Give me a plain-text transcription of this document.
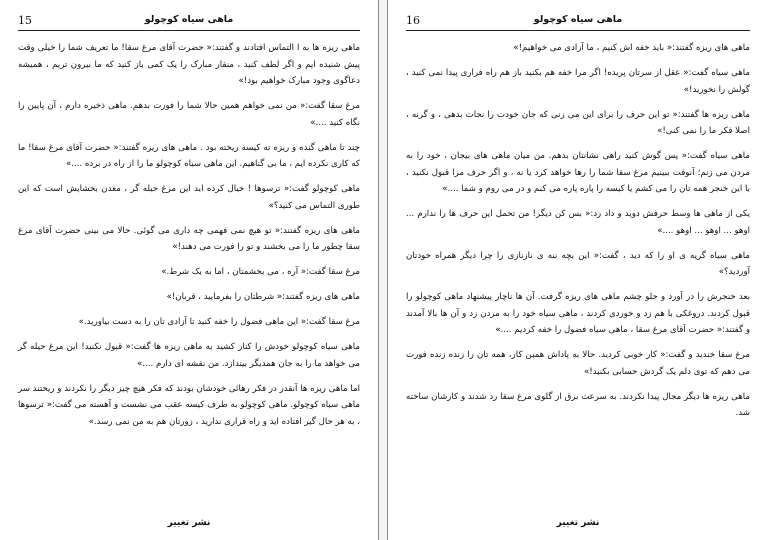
15	ماهی سیاه کوچولو

ماهی ریزه ها به ا التماس افتادند و گفتند:« حضرت آقای مرغ سقا! ما تعریف شما را خیلی وقت پیش شنیده ایم و اگر لطف کنید ، منقار مبارک را یک کمی باز کنید که ما بیرون تریم ، همیشه دعاگوی وجود مبارک خواهیم بود!»

مرغ سقا گفت:« من نمی خواهم همین حالا شما را فورت بدهم. ماهی ذخیره دارم ، آن پایین را نگاه کنید ....»

چند تا ماهی گنده و ریزه ته کیسه ریخته بود . ماهی های ریزه گفتند:« حضرت آقای مرغ سقا! ما که کاری نکرده ایم ، ما بی گناهیم. این ماهی سیاه کوچولو ما را از راه در برده ....»

ماهی کوچولو گفت:« ترسوها ! خیال کرده اید این مرغ حیله گر ، معدن بخشایش است که این طوری التماس می کنید؟»

ماهی های ریزه گفتند:« تو هیچ نمی فهمی چه داری می گوئی. حالا می بینی حضرت آقای مرغ سقا چطور ما را می بخشند و تو را فورت می دهند!»

مرغ سقا گفت:« آره ، می بخشمتان ، اما به یک شرط.»

ماهی های ریزه گفتند:« شرطتان را بفرمایید ، قربان!»

مرغ سقا گفت:« این ماهی فضول را خفه کنید تا آزادی تان را به دست بیاورید.»

ماهی سیاه کوچولو خودش را کنار کشید به ماهی ریزه ها گفت:« قبول نکنید! این مرغ حیله گر می خواهد ما را به جان همدیگر بیندازد. من نقشه ای دارم ....»

اما ماهی ریزه ها آنقدر در فکر رهائی خودشان بودند که فکر هیچ چیز دیگر را نکردند و ریختند سر ماهی سیاه کوچولو. ماهی کوچولو به طرف کیسه عقب می نشست و آهسته می گفت:« ترسوها ، به هر حال گیر افتاده اید و راه فراری ندارید ، زورتان هم به من نمی رسد.»

نشر تغییر
16	ماهی سیاه کوچولو

ماهی های ریزه گفتند:« باید خفه اش کنیم ، ما آزادی می خواهیم!»

ماهی سیاه گفت:« عقل از سرتان پریده! اگر مرا خفه هم بکنید باز هم راه فراری پیدا نمی کنید ، گولش را نخورید!»

ماهی ریزه ها گفتند:« تو این حرف را برای این می زنی که جان خودت را نجات بدهی ، و گرنه ، اصلا فکر ما را نمی کنی!»

ماهی سیاه گفت:« پس گوش کنید راهی نشانتان بدهم. من میان ماهی های بیجان ، خود را به مردن می زنم؛ آنوقت ببینیم مرغ سقا شما را رها خواهد کرد یا نه ، و اگر حرف مرا قبول نکنید ، با این خنجر همه تان را می کشم یا کیسه را پاره پاره می کنم و در می روم و شما ....»

یکی از ماهی ها وسط حرفش دوید و داد زد:« بس کن دیگر! من تحمل این حرف ها را ندارم ... اوهو ... اوهو ... اوهو ....»

ماهی سیاه گریه ی او را که دید ، گفت:« این بچه ننه ی نازنازی را چرا دیگر همراه خودتان آوردید؟»

بعد خنجرش را در آورد و جلو چشم ماهی های ریزه گرفت. آن ها ناچار پیشنهاد ماهی کوچولو را قبول کردند. دروغکی با هم زد و خوردی کردند ، ماهی سیاه خود را به مردن زد و آن ها بالا آمدند و گفتند:« حضرت آقای مرغ سقا ، ماهی سیاه فضول را خفه کردیم ....»

مرغ سقا خندید و گفت:« کار خوبی کردید. حالا به پاداش همین کار، همه تان را زنده زنده فورت می دهم که توی دلم یک گردش حسابی بکنید!»

ماهی ریزه ها دیگر مجال پیدا نکردند. به سرعت برق از گلوی مرغ سقا رد شدند و کارشان ساخته شد.

نشر تغییر
